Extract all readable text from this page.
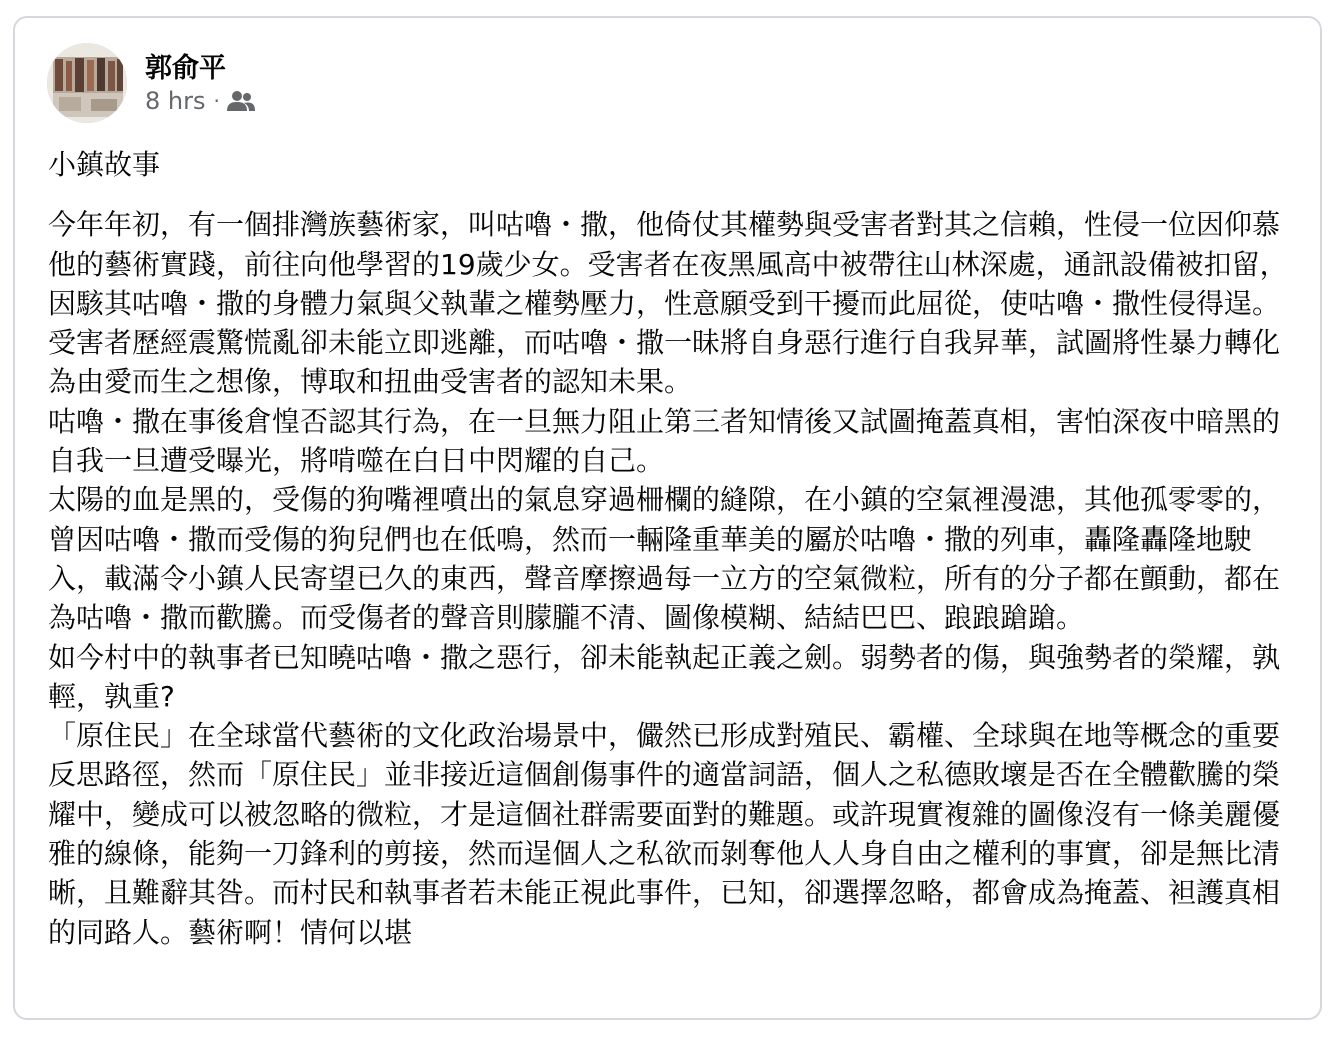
郭俞平
8 hrs ·

小鎮故事

今年年初，有一個排灣族藝術家，叫咕嚕・撒，他倚仗其權勢與受害者對其之信賴，性侵一位因仰慕他的藝術實踐，前往向他學習的19歲少女。受害者在夜黑風高中被帶往山林深處，通訊設備被扣留，因駭其咕嚕・撒的身體力氣與父執輩之權勢壓力，性意願受到干擾而此屈從，使咕嚕・撒性侵得逞。

受害者歷經震驚慌亂卻未能立即逃離，而咕嚕・撒一昧將自身惡行進行自我昇華，試圖將性暴力轉化為由愛而生之想像，博取和扭曲受害者的認知未果。

咕嚕・撒在事後倉惶否認其行為，在一旦無力阻止第三者知情後又試圖掩蓋真相，害怕深夜中暗黑的自我一旦遭受曝光，將啃噬在白日中閃耀的自己。

太陽的血是黑的，受傷的狗嘴裡噴出的氣息穿過柵欄的縫隙，在小鎮的空氣裡漫漶，其他孤零零的，曾因咕嚕・撒而受傷的狗兒們也在低鳴，然而一輛隆重華美的屬於咕嚕・撒的列車，轟隆轟隆地駛入，載滿令小鎮人民寄望已久的東西，聲音摩擦過每一立方的空氣微粒，所有的分子都在顫動，都在為咕嚕・撒而歡騰。而受傷者的聲音則朦朧不清、圖像模糊、結結巴巴、踉踉蹌蹌。

如今村中的執事者已知曉咕嚕・撒之惡行，卻未能執起正義之劍。弱勢者的傷，與強勢者的榮耀，孰輕，孰重?

「原住民」在全球當代藝術的文化政治場景中，儼然已形成對殖民、霸權、全球與在地等概念的重要反思路徑，然而「原住民」並非接近這個創傷事件的適當詞語，個人之私德敗壞是否在全體歡騰的榮耀中，變成可以被忽略的微粒，才是這個社群需要面對的難題。或許現實複雜的圖像沒有一條美麗優雅的線條，能夠一刀鋒利的剪接，然而逞個人之私欲而剝奪他人人身自由之權利的事實，卻是無比清晰，且難辭其咎。而村民和執事者若未能正視此事件，已知，卻選擇忽略，都會成為掩蓋、袒護真相的同路人。藝術啊！情何以堪
